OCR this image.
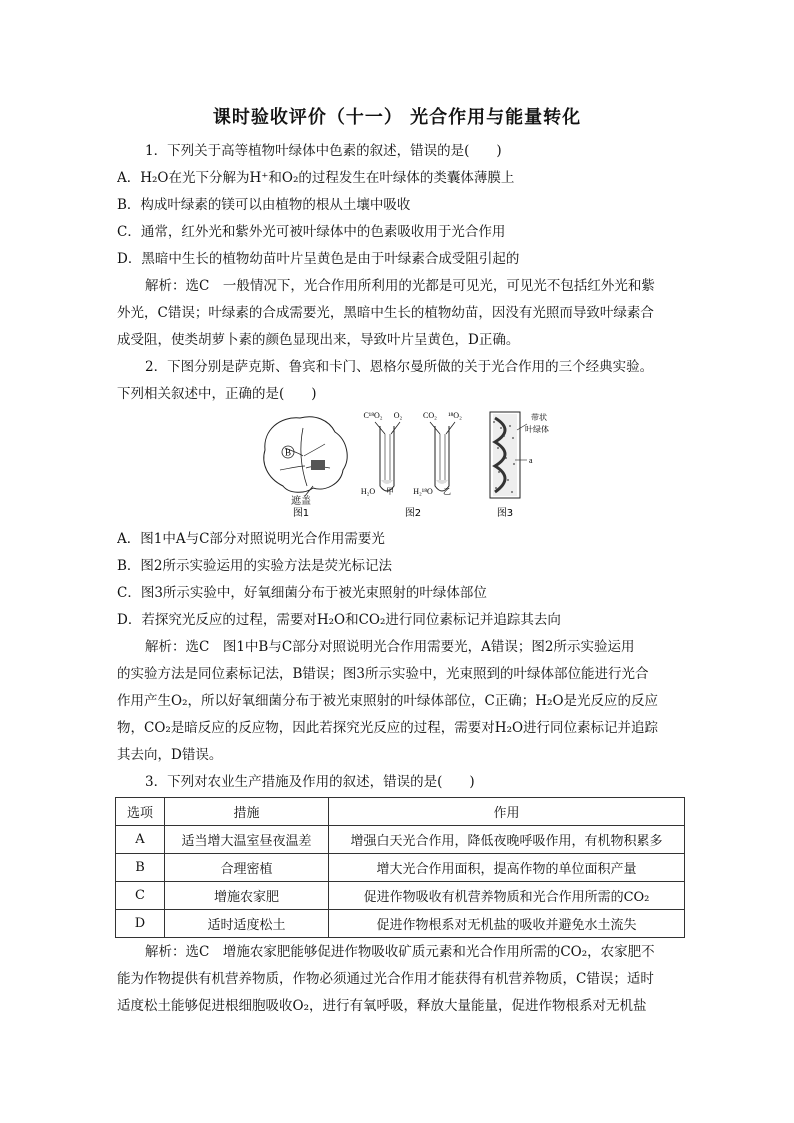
课时验收评价（十一） 光合作用与能量转化
1．下列关于高等植物叶绿体中色素的叙述，错误的是(　　)
A．H₂O在光下分解为H⁺和O₂的过程发生在叶绿体的类囊体薄膜上
B．构成叶绿素的镁可以由植物的根从土壤中吸收
C．通常，红外光和紫外光可被叶绿体中的色素吸收用于光合作用
D．黑暗中生长的植物幼苗叶片呈黄色是由于叶绿素合成受阻引起的
解析：选C　一般情况下，光合作用所利用的光都是可见光，可见光不包括红外光和紫
外光，C错误；叶绿素的合成需要光，黑暗中生长的植物幼苗，因没有光照而导致叶绿素合
成受阻，使类胡萝卜素的颜色显现出来，导致叶片呈黄色，D正确。
2．下图分别是萨克斯、鲁宾和卡门、恩格尔曼所做的关于光合作用的三个经典实验。
下列相关叙述中，正确的是(　　)
B
遮盖
图1
C¹⁸O₂ O₂
H₂O 甲
CO₂ ¹⁸O₂
H₂¹⁸O 乙
图2
带状
叶绿体
a
图3
A．图1中A与C部分对照说明光合作用需要光
B．图2所示实验运用的实验方法是荧光标记法
C．图3所示实验中，好氧细菌分布于被光束照射的叶绿体部位
D．若探究光反应的过程，需要对H₂O和CO₂进行同位素标记并追踪其去向
解析：选C　图1中B与C部分对照说明光合作用需要光，A错误；图2所示实验运用
的实验方法是同位素标记法，B错误；图3所示实验中，光束照到的叶绿体部位能进行光合
作用产生O₂，所以好氧细菌分布于被光束照射的叶绿体部位，C正确；H₂O是光反应的反应
物，CO₂是暗反应的反应物，因此若探究光反应的过程，需要对H₂O进行同位素标记并追踪
其去向，D错误。
3．下列对农业生产措施及作用的叙述，错误的是(　　)
选项	措施	作用
A	适当增大温室昼夜温差	增强白天光合作用，降低夜晚呼吸作用，有机物积累多
B	合理密植	增大光合作用面积，提高作物的单位面积产量
C	增施农家肥	促进作物吸收有机营养物质和光合作用所需的CO₂
D	适时适度松土	促进作物根系对无机盐的吸收并避免水土流失
解析：选C　增施农家肥能够促进作物吸收矿质元素和光合作用所需的CO₂，农家肥不
能为作物提供有机营养物质，作物必须通过光合作用才能获得有机营养物质，C错误；适时
适度松土能够促进根细胞吸收O₂，进行有氧呼吸，释放大量能量，促进作物根系对无机盐
